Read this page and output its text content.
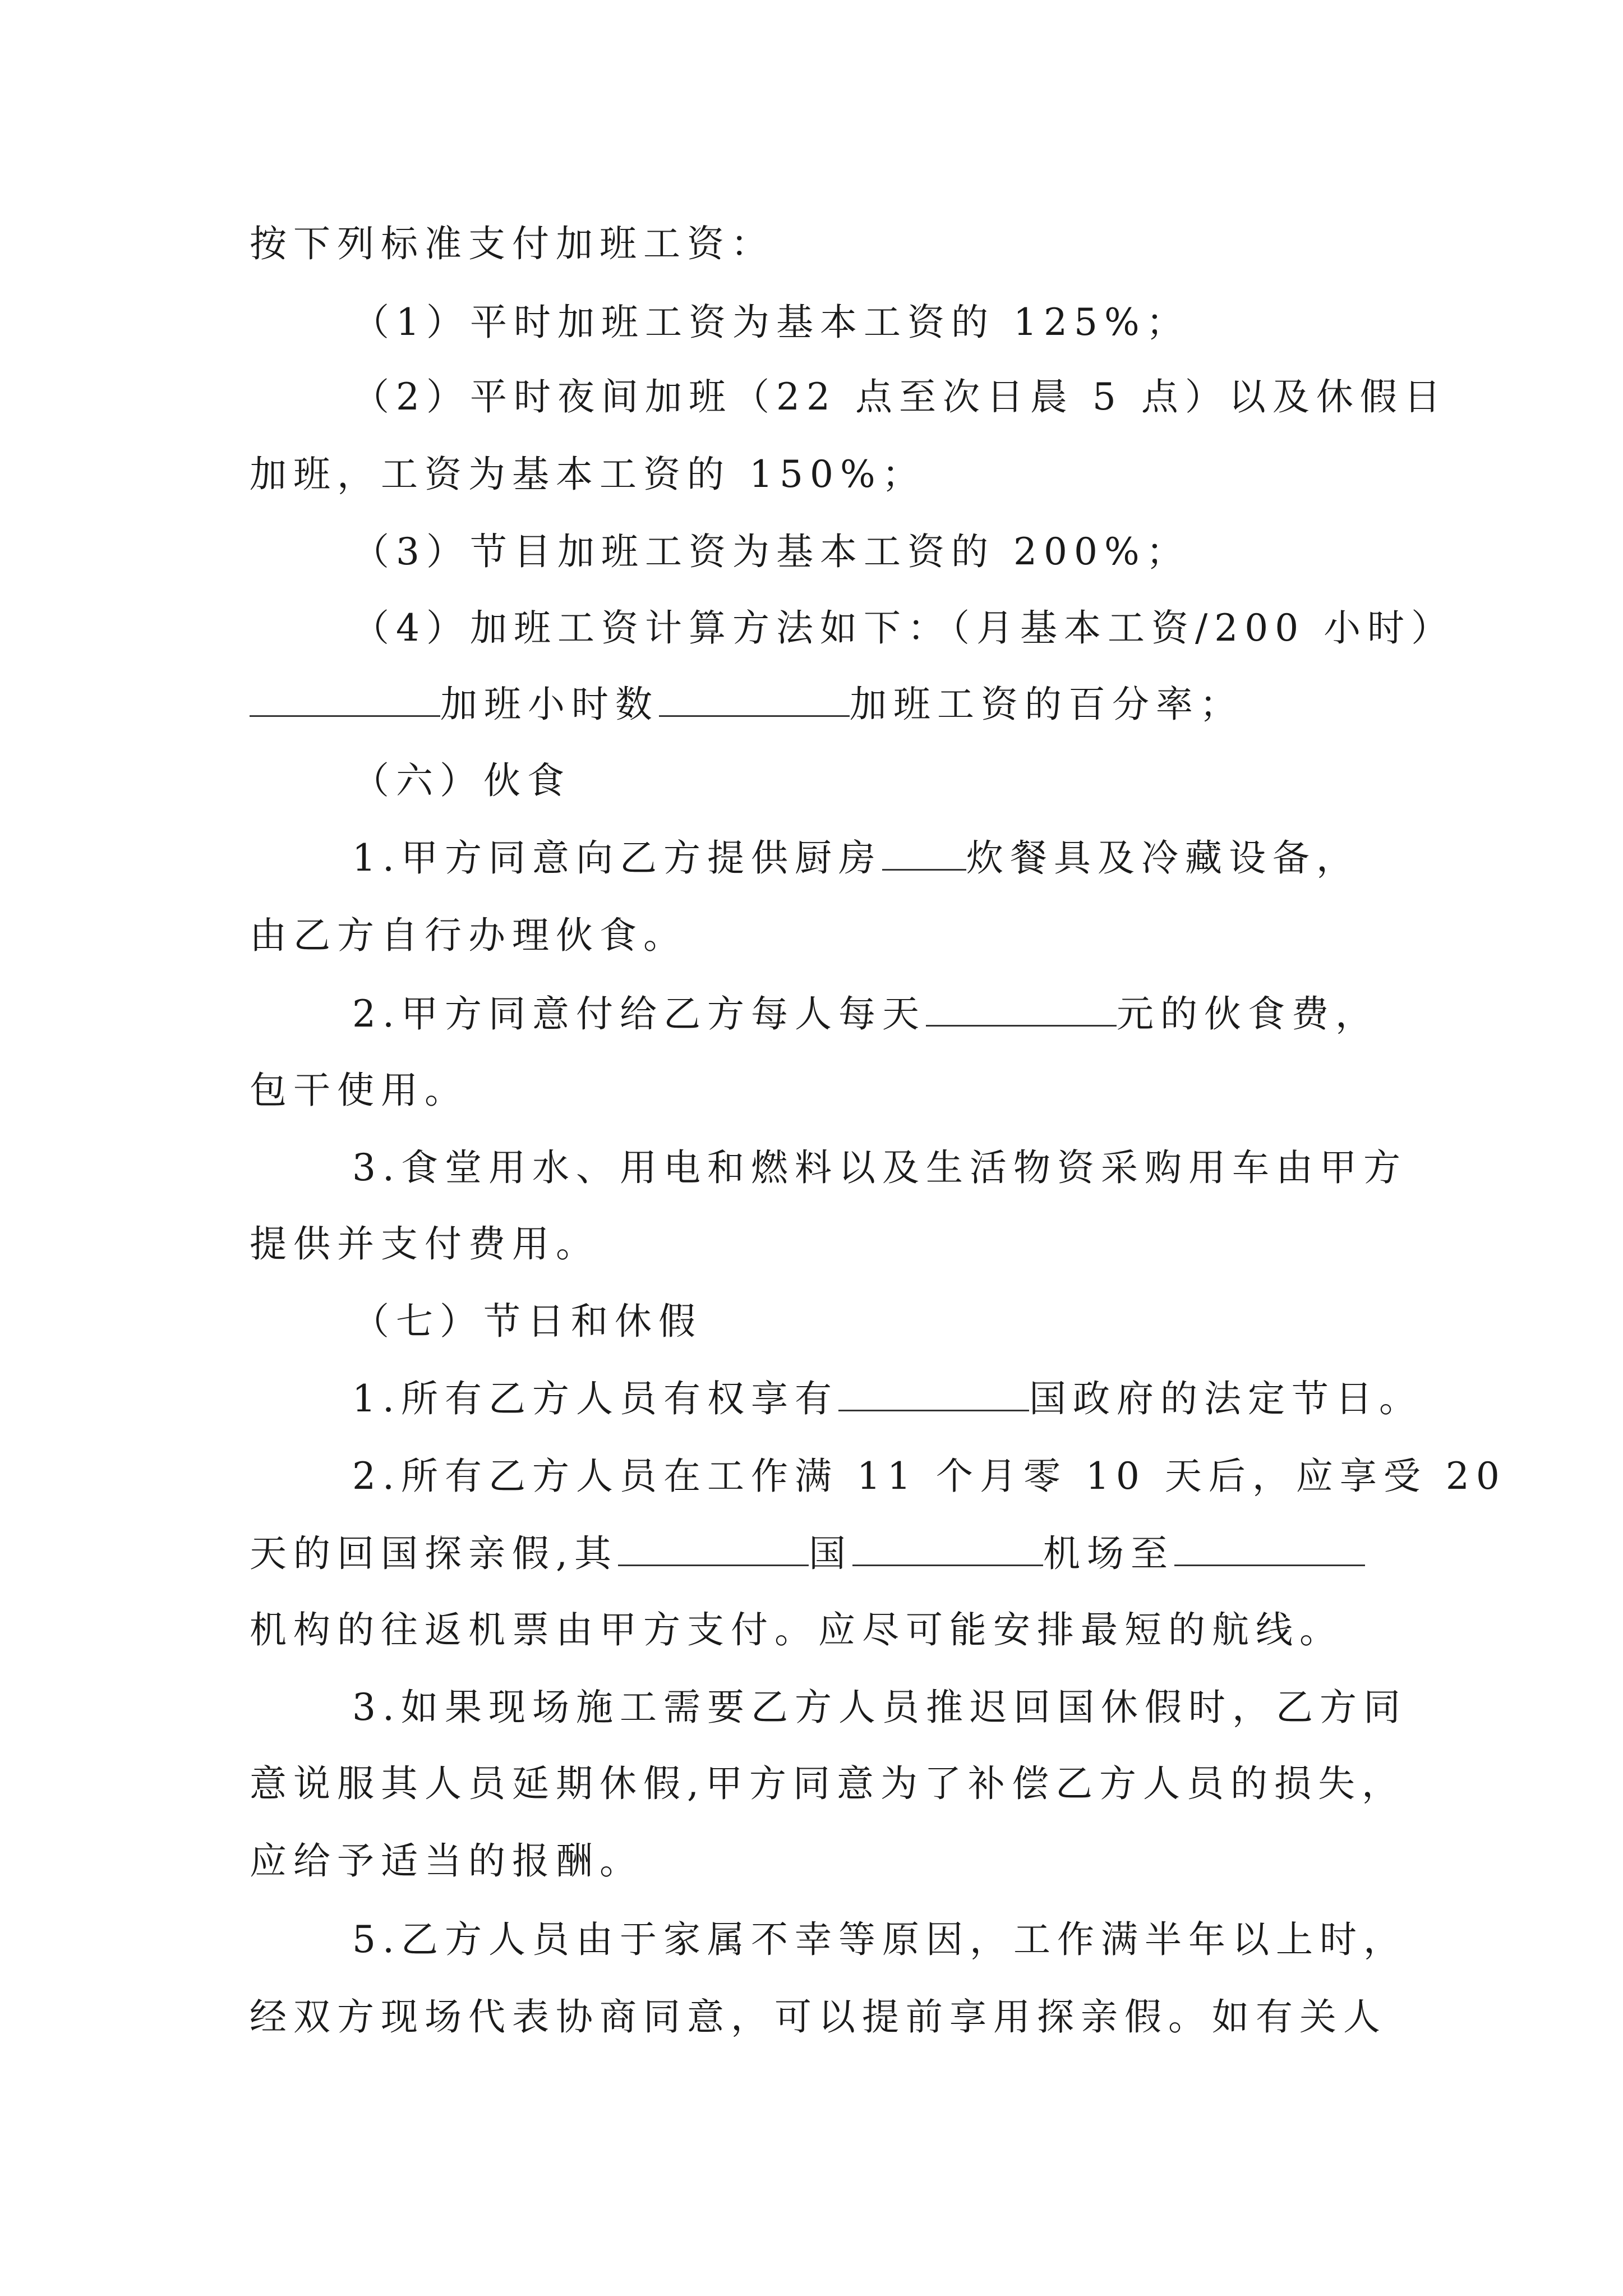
按下列标准支付加班工资：
（1）平时加班工资为基本工资的 125%；
（2）平时夜间加班（22 点至次日晨 5 点）以及休假日
加班，工资为基本工资的 150%；
（3）节目加班工资为基本工资的 200%；
（4）加班工资计算方法如下：（月基本工资/200 小时）
加班小时数	加班工资的百分率；
（六）伙食
1.甲方同意向乙方提供厨房 炊餐具及冷藏设备，
由乙方自行办理伙食。
2.甲方同意付给乙方每人每天	元的伙食费，
包干使用。
3.食堂用水、用电和燃料以及生活物资采购用车由甲方
提供并支付费用。
（七）节日和休假
1.所有乙方人员有权享有	国政府的法定节日。
2.所有乙方人员在工作满 11 个月零 10 天后，应享受 20
天的回国探亲假,其	国	机场至
机构的往返机票由甲方支付。应尽可能安排最短的航线。
3.如果现场施工需要乙方人员推迟回国休假时，乙方同
意说服其人员延期休假,甲方同意为了补偿乙方人员的损失，
应给予适当的报酬。
5.乙方人员由于家属不幸等原因，工作满半年以上时，
经双方现场代表协商同意，可以提前享用探亲假。如有关人
